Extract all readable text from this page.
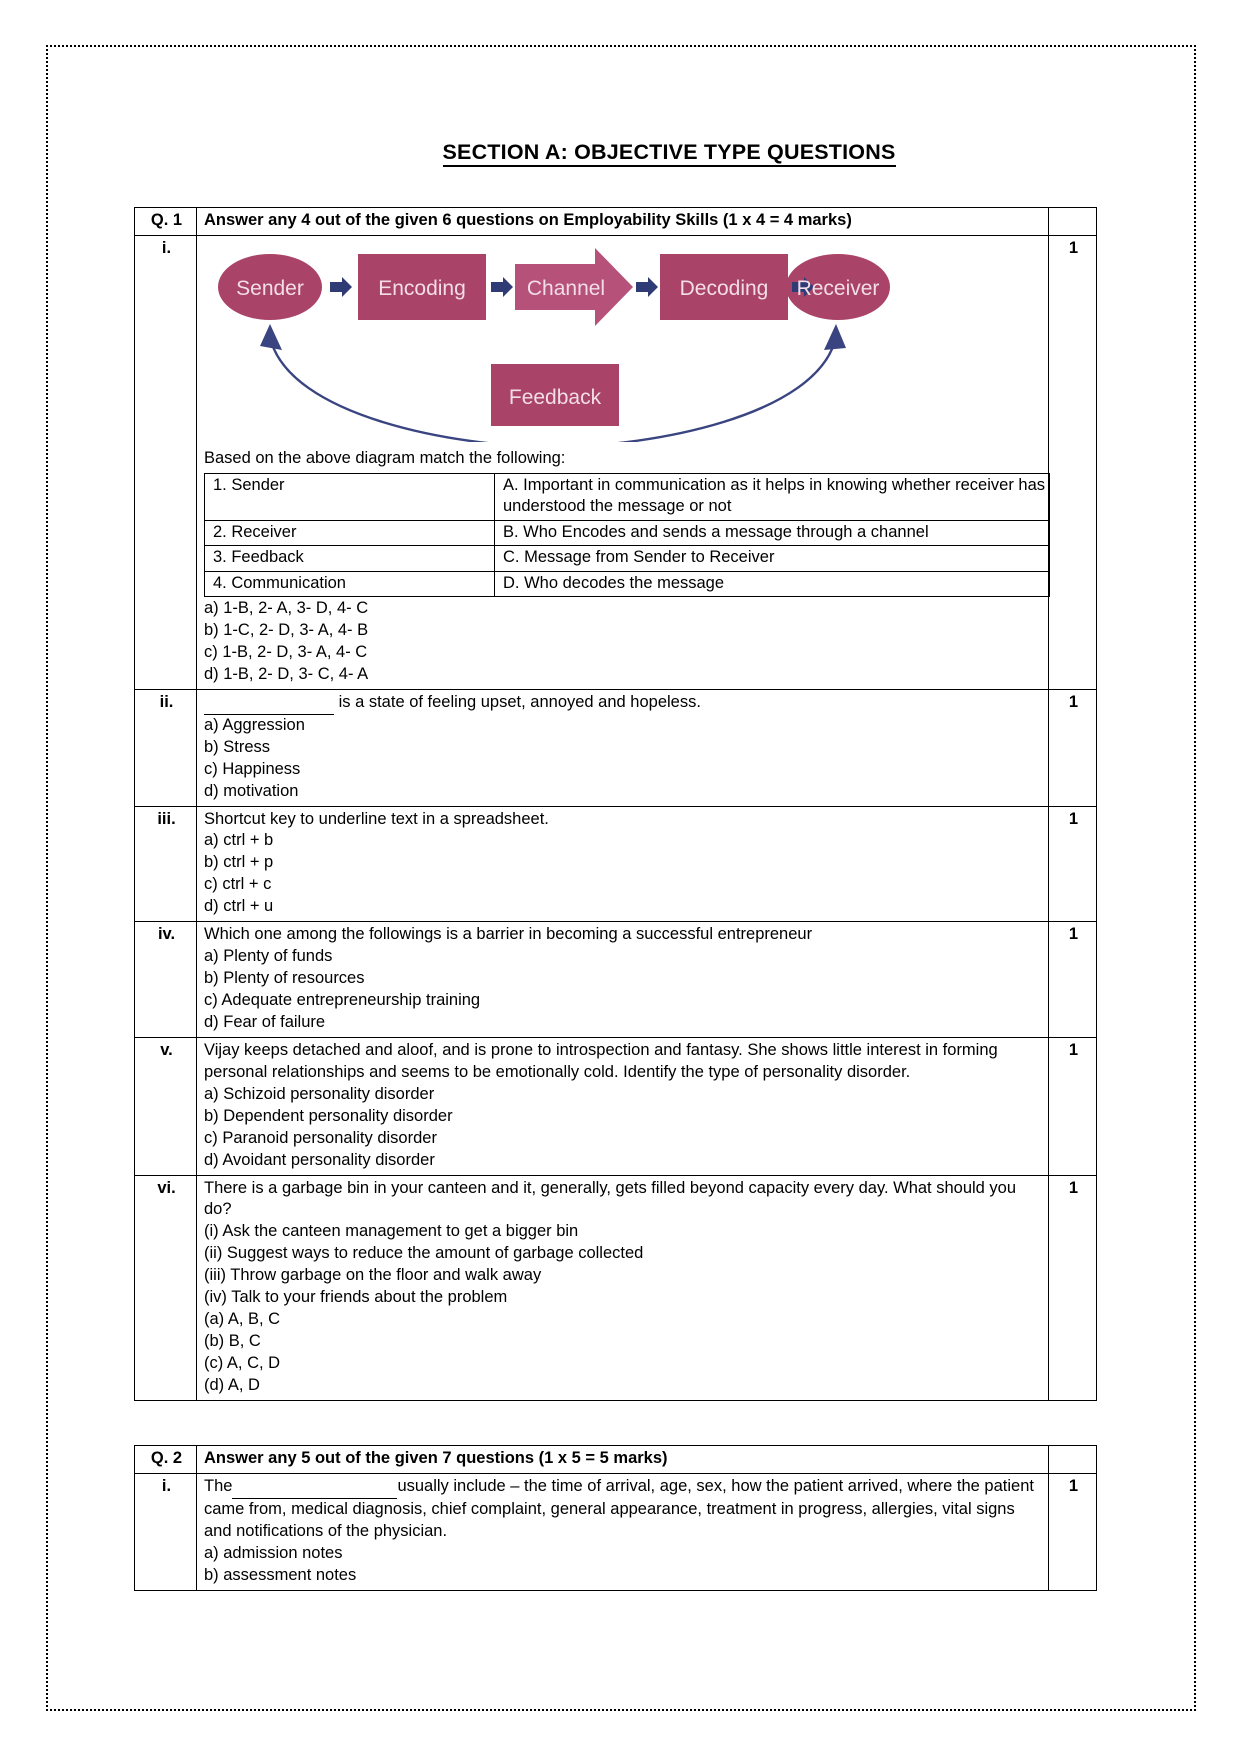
SECTION A: OBJECTIVE TYPE QUESTIONS
Q. 1	Answer any 4 out of the given 6 questions on Employability Skills (1 x 4 = 4 marks)	
i.	
Sender	Encoding	Channel	Decoding Receiver
Feedback
Based on the above diagram match the following:
1. Sender	A. Important in communication as it helps in knowing whether receiver has understood the message or not
2. Receiver	B. Who Encodes and sends a message through a channel
3. Feedback	C. Message from Sender to Receiver
4. Communication	D. Who decodes the message
a) 1-B, 2- A, 3- D, 4- C
b) 1-C, 2- D, 3- A, 4- B
c) 1-B, 2- D, 3- A, 4- C
d) 1-B, 2- D, 3- C, 4- A
	1
ii.	is a state of feeling upset, annoyed and hopeless.
a) Aggression
b) Stress
c) Happiness
d) motivation
	1
iii.	Shortcut key to underline text in a spreadsheet.
a) ctrl + b
b) ctrl + p
c) ctrl + c
d) ctrl + u
	1
iv.	Which one among the followings is a barrier in becoming a successful entrepreneur
a) Plenty of funds
b) Plenty of resources
c) Adequate entrepreneurship training
d) Fear of failure
	1
v.	Vijay keeps detached and aloof, and is prone to introspection and fantasy. She shows little interest in forming personal relationships and seems to be emotionally cold. Identify the type of personality disorder.
a) Schizoid personality disorder
b) Dependent personality disorder
c) Paranoid personality disorder
d) Avoidant personality disorder
	1
vi.	There is a garbage bin in your canteen and it, generally, gets filled beyond capacity every day. What should you do?
(i) Ask the canteen management to get a bigger bin
(ii) Suggest ways to reduce the amount of garbage collected
(iii) Throw garbage on the floor and walk away
(iv) Talk to your friends about the problem
(a) A, B, C
(b) B, C
(c) A, C, D
(d) A, D
	1
Q. 2	Answer any 5 out of the given 7 questions (1 x 5 = 5 marks)	
i.	The usually include – the time of arrival, age, sex, how the patient arrived, where the patient came from, medical diagnosis, chief complaint, general appearance, treatment in progress, allergies, vital signs and notifications of the physician.
a) admission notes
b) assessment notes	1
